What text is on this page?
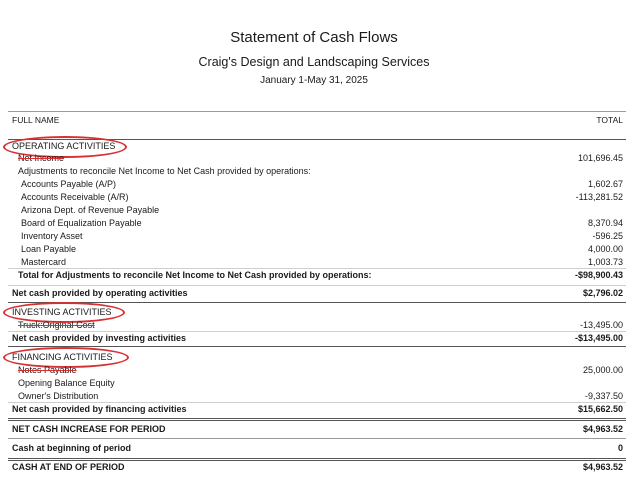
Statement of Cash Flows
Craig's Design and Landscaping Services
January 1-May 31, 2025
FULL NAME	TOTAL
OPERATING ACTIVITIES
Net Income	101,696.45
Adjustments to reconcile Net Income to Net Cash provided by operations:
Accounts Payable (A/P)	1,602.67
Accounts Receivable (A/R)	-113,281.52
Arizona Dept. of Revenue Payable
Board of Equalization Payable	8,370.94
Inventory Asset	-596.25
Loan Payable	4,000.00
Mastercard	1,003.73
Total for Adjustments to reconcile Net Income to Net Cash provided by operations:	-$98,900.43
Net cash provided by operating activities	$2,796.02
INVESTING ACTIVITIES
Truck:Original Cost	-13,495.00
Net cash provided by investing activities	-$13,495.00
FINANCING ACTIVITIES
Notes Payable	25,000.00
Opening Balance Equity
Owner's Distribution	-9,337.50
Net cash provided by financing activities	$15,662.50
NET CASH INCREASE FOR PERIOD	$4,963.52
Cash at beginning of period	0
CASH AT END OF PERIOD	$4,963.52
